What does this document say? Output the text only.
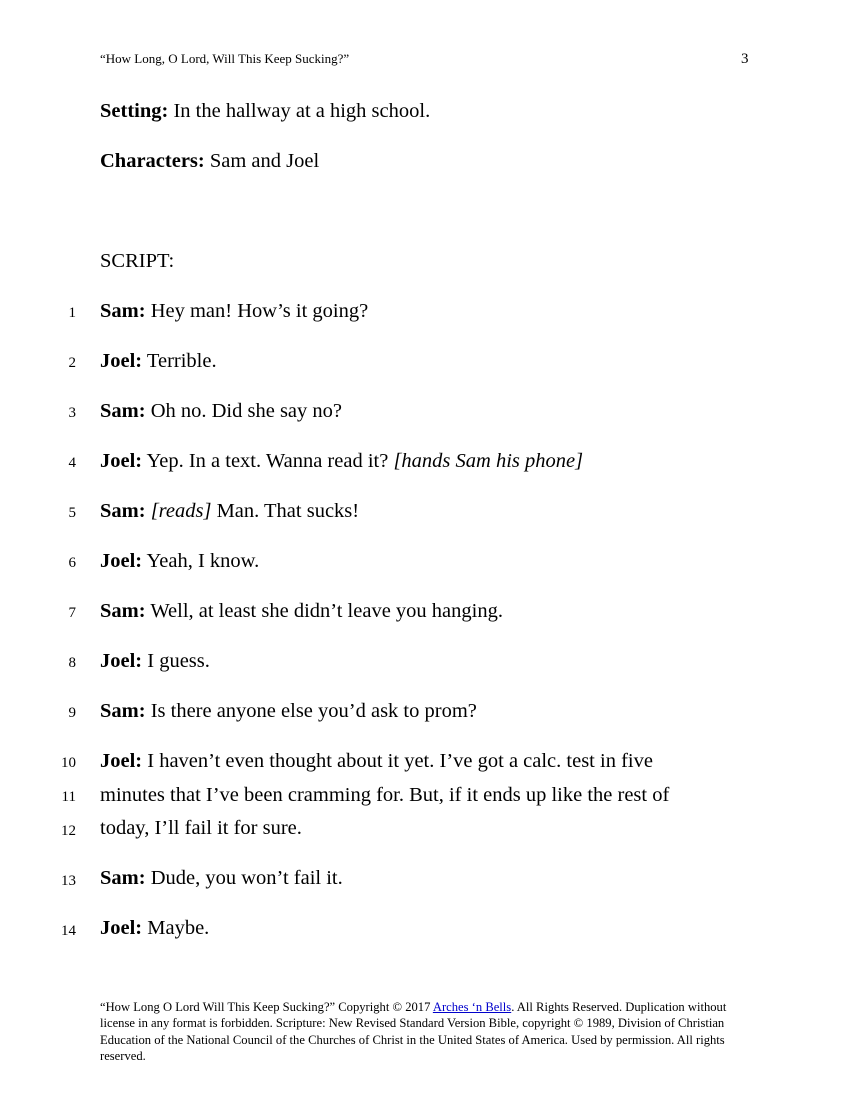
“How Long, O Lord, Will This Keep Sucking?”	3
Setting: In the hallway at a high school.
Characters: Sam and Joel
SCRIPT:
1 Sam: Hey man! How’s it going?
2 Joel: Terrible.
3 Sam: Oh no. Did she say no?
4 Joel: Yep. In a text. Wanna read it? [hands Sam his phone]
5 Sam: [reads] Man. That sucks!
6 Joel: Yeah, I know.
7 Sam: Well, at least she didn’t leave you hanging.
8 Joel: I guess.
9 Sam: Is there anyone else you’d ask to prom?
10 Joel: I haven’t even thought about it yet. I’ve got a calc. test in five
11 minutes that I’ve been cramming for. But, if it ends up like the rest of
12 today, I’ll fail it for sure.
13 Sam: Dude, you won’t fail it.
14 Joel: Maybe.
“How Long O Lord Will This Keep Sucking?” Copyright © 2017 Arches ‘n Bells. All Rights Reserved. Duplication without license in any format is forbidden. Scripture: New Revised Standard Version Bible, copyright © 1989, Division of Christian Education of the National Council of the Churches of Christ in the United States of America. Used by permission. All rights reserved.
